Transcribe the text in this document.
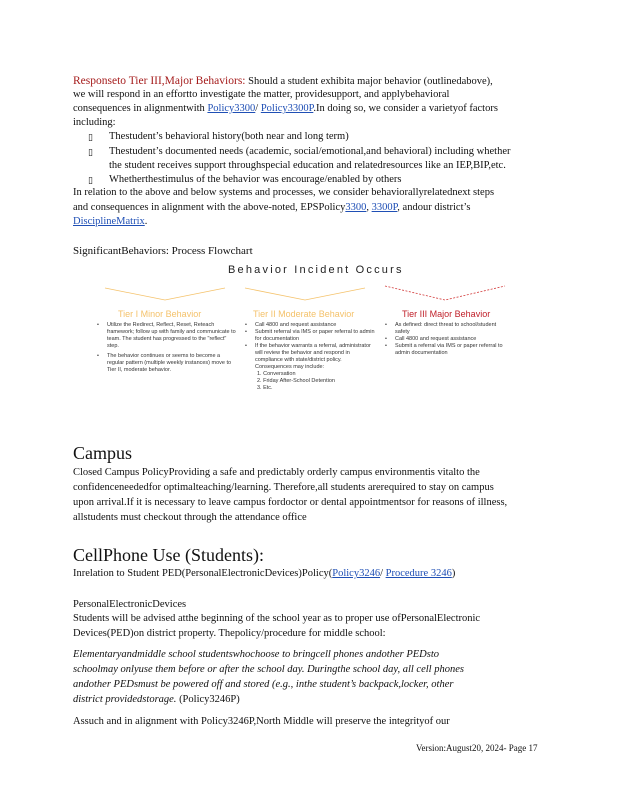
Responseto Tier III,Major Behaviors: Should a student exhibita major behavior (outlinedabove),
we will respond in an effortto investigate the matter, providesupport, and applybehavioral
consequences in alignmentwith Policy3300/ Policy3300P.In doing so, we consider a varietyof factors
including:
▯ Thestudent’s behavioral history(both near and long term)
▯ Thestudent’s documented needs (academic, social/emotional,and behavioral) including whether
the student receives support throughspecial education and relatedresources like an IEP,BIP,etc.
▯ Whetherthestimulus of the behavior was encourage/enabled by others
In relation to the above and below systems and processes, we consider behaviorallyrelatednext steps
and consequences in alignment with the above-noted, EPSPolicy3300, 3300P, andour district’s
DisciplineMatrix.
SignificantBehaviors: Process Flowchart
Behavior Incident Occurs
Tier I Minor Behavior
• Utilize the Redirect, Reflect, Reset, Reteach framework; follow up with family and communicate to team. The student has progressed to the "reflect" step.
• The behavior continues or seems to become a regular pattern (multiple weekly instances) move to Tier II, moderate behavior.
Tier II Moderate Behavior
• Call 4800 and request assistance
• Submit referral via IMS or paper referral to admin for documentation
• If the behavior warrants a referral, administrator will review the behavior and respond in compliance with state/district policy. Consequences may include:
1. Conversation
2. Friday After-School Detention
3. Etc.
Tier III Major Behavior
• As defined: direct threat to school/student safety
• Call 4800 and request assistance
• Submit a referral via IMS or paper referral to admin documentation
Campus
Closed Campus PolicyProviding a safe and predictably orderly campus environmentis vitalto the
confidenceneededfor optimalteaching/learning. Therefore,all students arerequired to stay on campus
upon arrival.If it is necessary to leave campus fordoctor or dental appointmentsor for reasons of illness,
allstudents must checkout through the attendance office
CellPhone Use (Students):
Inrelation to Student PED(PersonalElectronicDevices)Policy(Policy3246/ Procedure 3246)
PersonalElectronicDevices
Students will be advised atthe beginning of the school year as to proper use ofPersonalElectronic
Devices(PED)on district property. Thepolicy/procedure for middle school:
Elementaryandmiddle school studentswhochoose to bringcell phones andother PEDsto
schoolmay onlyuse them before or after the school day. Duringthe school day, all cell phones
andother PEDsmust be powered off and stored (e.g., inthe student’s backpack,locker, other
district providedstorage. (Policy3246P)
Assuch and in alignment with Policy3246P,North Middle will preserve the integrityof our
Version:August20, 2024- Page 17
